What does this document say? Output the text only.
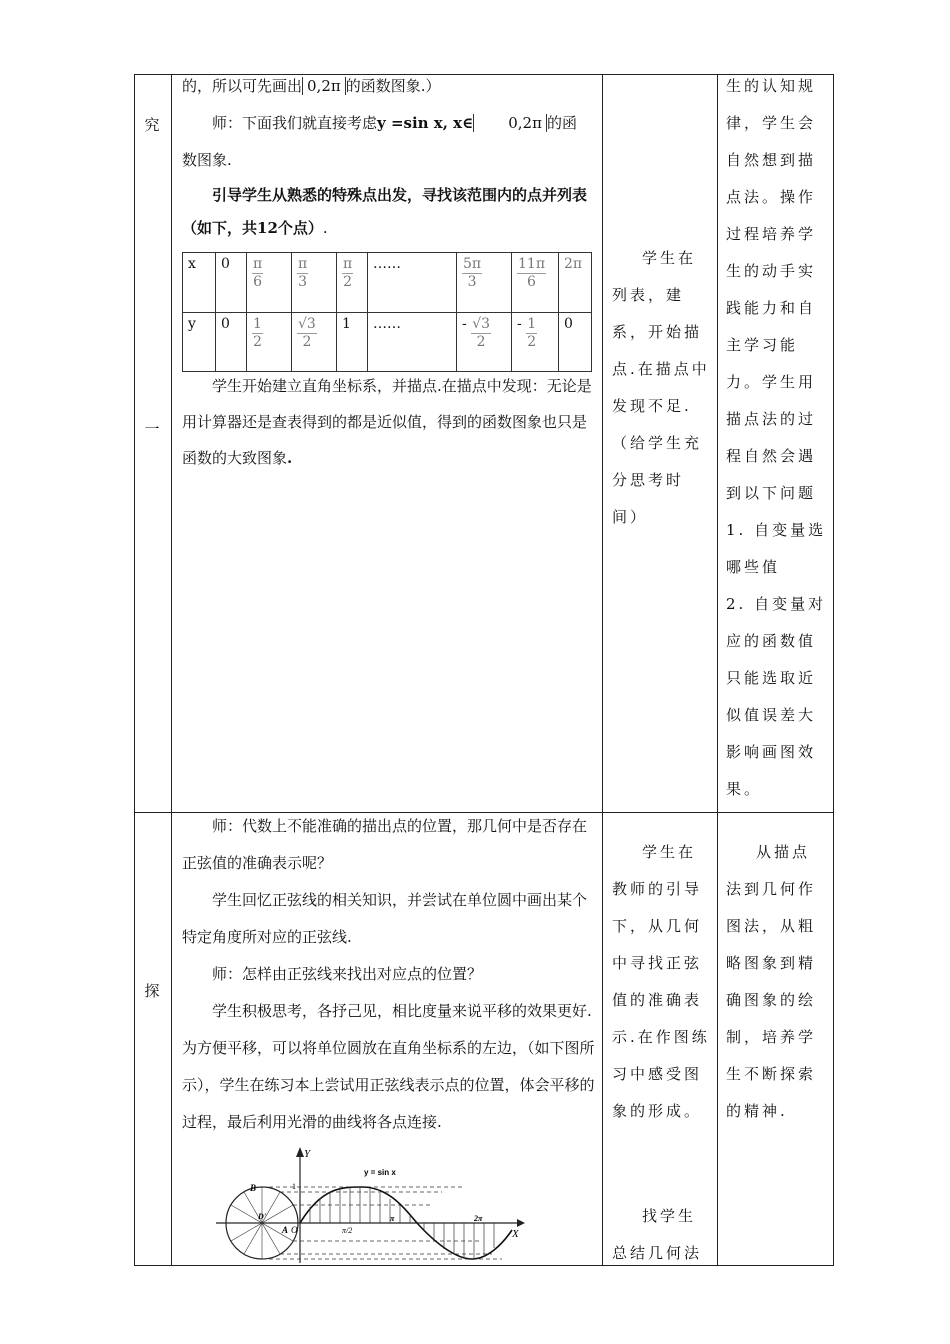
究
一

的，所以可先画出 0,2π 的函数图象.）

师：下面我们就直接考虑y =sin x, x∈ 0,2π 的函

数图象.

引导学生从熟悉的特殊点出发，寻找该范围内的点并列表（如下，共12个点）.

x	0	$\frac{\pi}{6}$	$\frac{\pi}{3}$	$\frac{\pi}{2}$	……	$\frac{5\pi}{3}$	$\frac{11\pi}{6}$	2π
y	0	$\frac{1}{2}$	$\frac{√3}{2}$	1	……	- $\frac{√3}{2}$	- $\frac{1}{2}$	0

学生开始建立直角坐标系，并描点.在描点中发现：无论是用计算器还是查表得到的都是近似值，得到的函数图象也只是函数的大致图象.

学生在列表，建系，开始描点.在描点中发现不足.（给学生充分思考时间）

生的认知规律，学生会自然想到描点法。操作过程培养学生的动手实践能力和自主学习能力。学生用描点法的过程自然会遇到以下问题 1. 自变量选哪些值

2. 自变量对应的函数值只能选取近似值误差大影响画图效果。

探

师：代数上不能准确的描出点的位置，那几何中是否存在正弦值的准确表示呢？

学生回忆正弦线的相关知识，并尝试在单位圆中画出某个特定角度所对应的正弦线.

师：怎样由正弦线来找出对应点的位置？

学生积极思考，各抒己见，相比度量来说平移的效果更好.为方便平移，可以将单位圆放在直角坐标系的左边，（如下图所示），学生在练习本上尝试用正弦线表示点的位置，体会平移的过程，最后利用光滑的曲线将各点连接.

Y
X
y = sin x
B
D'
A O
1
π/2
π	2π
学生在教师的引导下，从几何中寻找正弦值的准确表示.在作图练习中感受图象的形成。
找学生总结几何法
从描点法到几何作图法，从粗略图象到精确图象的绘制，培养学生不断探索的精神.
